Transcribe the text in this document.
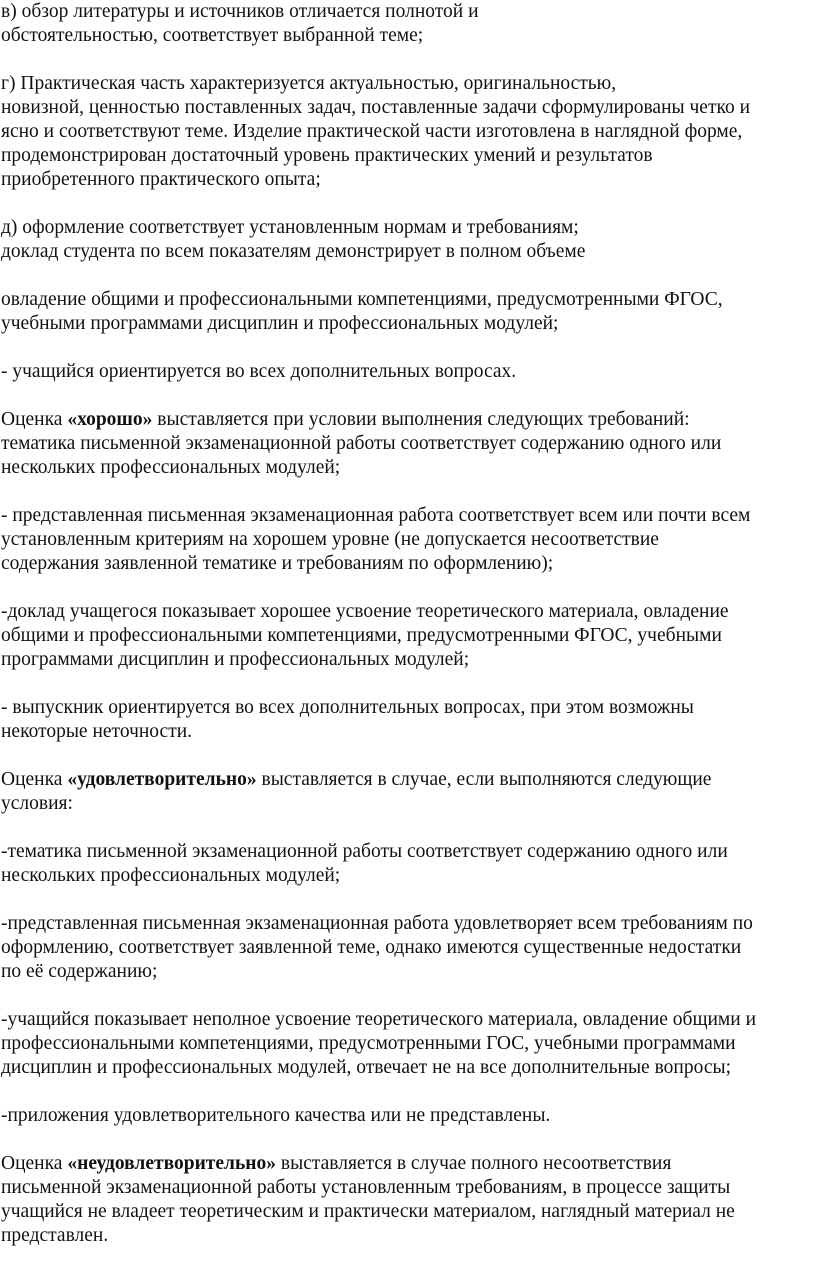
в) обзор литературы и источников отличается полнотой и
обстоятельностью, соответствует выбранной теме;

г) Практическая часть характеризуется актуальностью, оригинальностью,
новизной, ценностью поставленных задач, поставленные задачи сформулированы четко и
ясно и соответствуют теме. Изделие практической части изготовлена в наглядной форме,
продемонстрирован достаточный уровень практических умений и результатов
приобретенного практического опыта;

д) оформление соответствует установленным нормам и требованиям;
доклад студента по всем показателям демонстрирует в полном объеме

овладение общими и профессиональными компетенциями, предусмотренными ФГОС,
учебными программами дисциплин и профессиональных модулей;

- учащийся ориентируется во всех дополнительных вопросах.

Оценка «хорошо» выставляется при условии выполнения следующих требований:
тематика письменной экзаменационной работы соответствует содержанию одного или
нескольких профессиональных модулей;

- представленная письменная экзаменационная работа соответствует всем или почти всем
установленным критериям на хорошем уровне (не допускается несоответствие
содержания заявленной тематике и требованиям по оформлению);

-доклад учащегося показывает хорошее усвоение теоретического материала, овладение
общими и профессиональными компетенциями, предусмотренными ФГОС, учебными
программами дисциплин и профессиональных модулей;

- выпускник ориентируется во всех дополнительных вопросах, при этом возможны
некоторые неточности.

Оценка «удовлетворительно» выставляется в случае, если выполняются следующие
условия:

-тематика письменной экзаменационной работы соответствует содержанию одного или
нескольких профессиональных модулей;

-представленная письменная экзаменационная работа удовлетворяет всем требованиям по
оформлению, соответствует заявленной теме, однако имеются существенные недостатки
по её содержанию;

-учащийся показывает неполное усвоение теоретического материала, овладение общими и
профессиональными компетенциями, предусмотренными ГОС, учебными программами
дисциплин и профессиональных модулей, отвечает не на все дополнительные вопросы;

-приложения удовлетворительного качества или не представлены.

Оценка «неудовлетворительно» выставляется в случае полного несоответствия
письменной экзаменационной работы установленным требованиям, в процессе защиты
учащийся не владеет теоретическим и практически материалом, наглядный материал не
представлен.
